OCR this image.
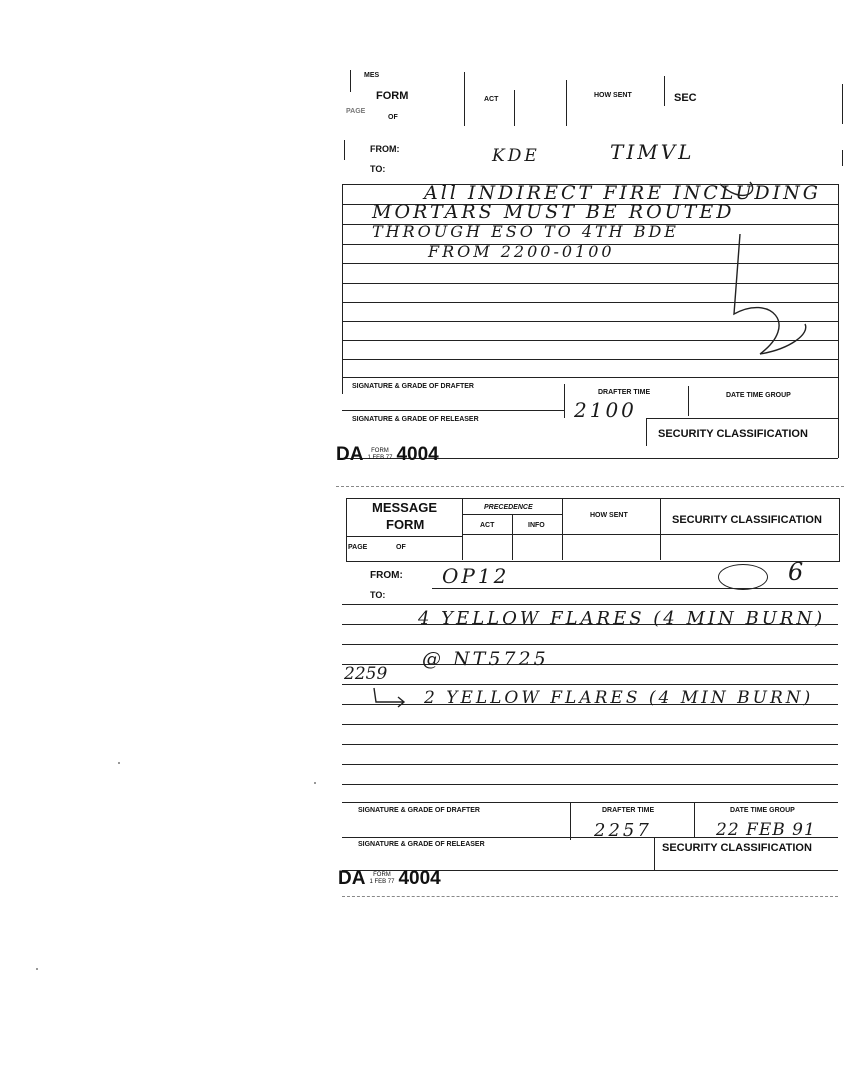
MES
FORM
PAGE
OF
ACT
HOW SENT	SEC
FROM:	KDE	TIMVL
TO:
All INDIRECT FIRE INCLUDING
MORTARS MUST BE ROUTED
THROUGH ESO TO 4TH BDE
FROM 2200-0100
SIGNATURE & GRADE OF DRAFTER
DRAFTER TIME
2100
DATE TIME GROUP
SIGNATURE & GRADE OF RELEASER
SECURITY CLASSIFICATION
DA FORM
1 FEB 77 4004
MESSAGE
FORM
PAGE	OF
PRECEDENCE
ACT	INFO
HOW SENT	SECURITY CLASSIFICATION
FROM: OP12	6
TO:
4 YELLOW FLARES (4 MIN BURN)
@ NT5725
2259
2 YELLOW FLARES (4 MIN BURN)
SIGNATURE & GRADE OF DRAFTER	DRAFTER TIME
2257
DATE TIME GROUP
22 FEB 91
SIGNATURE & GRADE OF RELEASER	SECURITY CLASSIFICATION
DA FORM
1 FEB 77 4004
